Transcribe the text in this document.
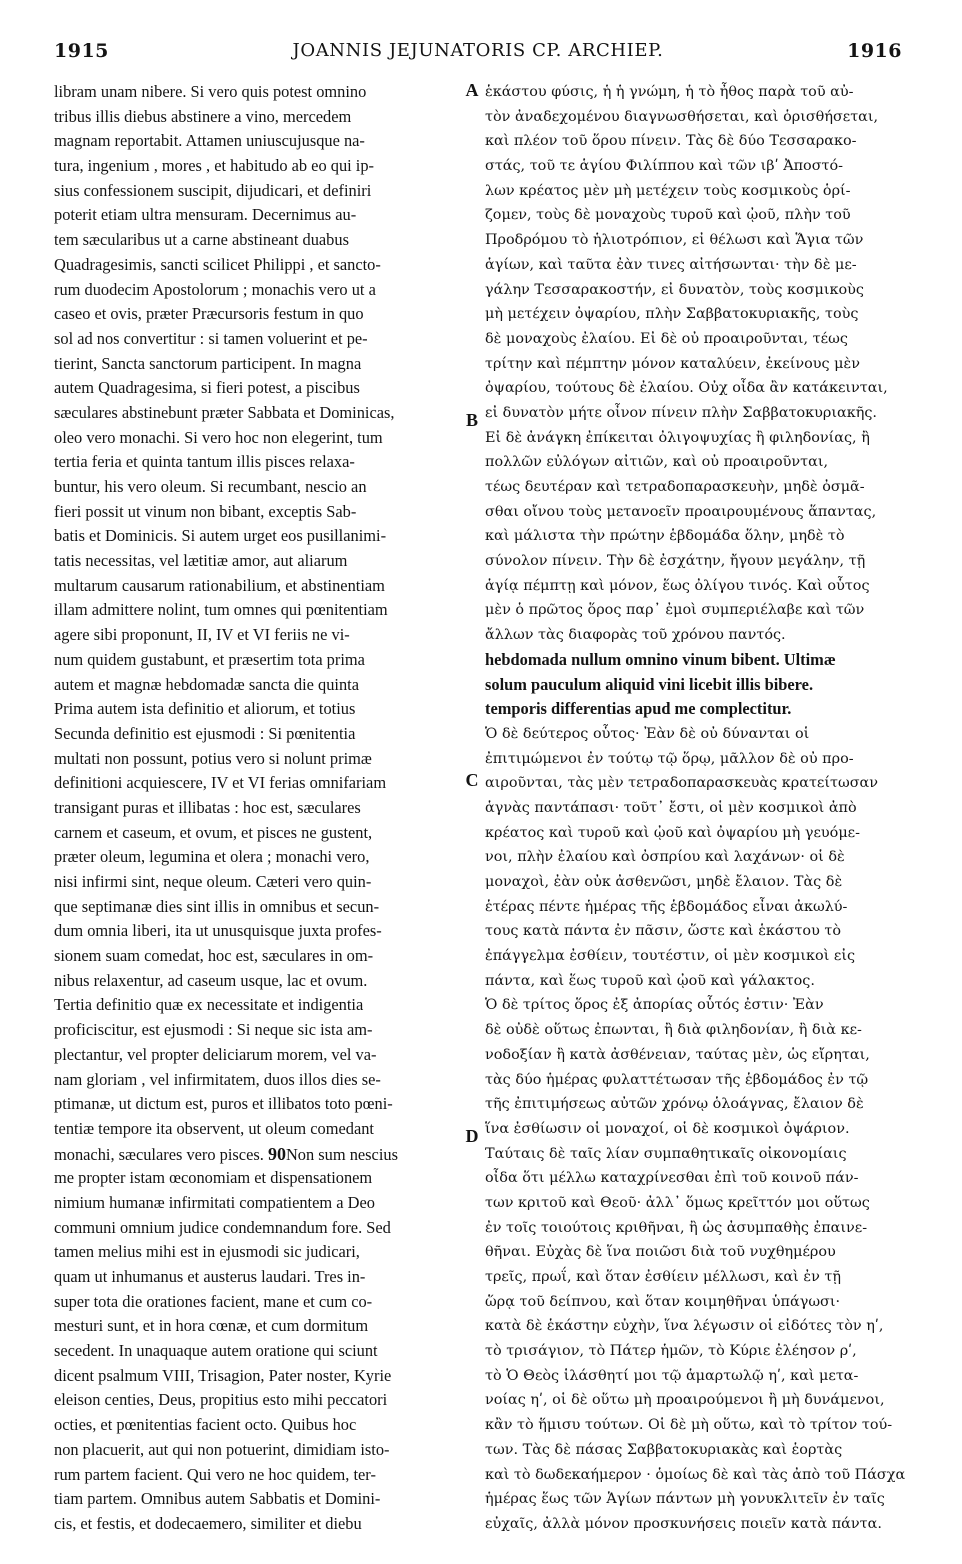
1915	JOANNIS JEJUNATORIS CP. ARCHIEP.	1916
libram unam nibere. Si vero quis potest omnino
tribus illis diebus abstinere a vino, mercedem
magnam reportabit. Attamen uniuscujusque na-
tura, ingenium , mores , et habitudo ab eo qui ip-
sius confessionem suscipit, dijudicari, et definiri
poterit etiam ultra mensuram. Decernimus au-
tem sæcularibus ut a carne abstineant duabus
Quadragesimis, sancti scilicet Philippi , et sancto-
rum duodecim Apostolorum ; monachis vero ut a
caseo et ovis, præter Præcursoris festum in quo
sol ad nos convertitur : si tamen voluerint et pe-
tierint, Sancta sanctorum participent. In magna
autem Quadragesima, si fieri potest, a piscibus
sæculares abstinebunt præter Sabbata et Dominicas,
oleo vero monachi. Si vero hoc non elegerint, tum
tertia feria et quinta tantum illis pisces relaxa-
buntur, his vero oleum. Si recumbant, nescio an
fieri possit ut vinum non bibant, exceptis Sab-
batis et Dominicis. Si autem urget eos pusillanimi-
tatis necessitas, vel lætitiæ amor, aut aliarum
multarum causarum rationabilium, et abstinentiam
illam admittere nolint, tum omnes qui pœnitentiam
agere sibi proponunt, II, IV et VI feriis ne vi-
num quidem gustabunt, et præsertim tota prima
autem et magnæ hebdomadæ sancta die quinta
Prima autem ista definitio et aliorum, et totius
Secunda definitio est ejusmodi : Si pœnitentia
multati non possunt, potius vero si nolunt primæ
definitioni acquiescere, IV et VI ferias omnifariam
transigant puras et illibatas : hoc est, sæculares
carnem et caseum, et ovum, et pisces ne gustent,
præter oleum, legumina et olera ; monachi vero,
nisi infirmi sint, neque oleum. Cæteri vero quin-
que septimanæ dies sint illis in omnibus et secun-
dum omnia liberi, ita ut unusquisque juxta profes-
sionem suam comedat, hoc est, sæculares in om-
nibus relaxentur, ad caseum usque, lac et ovum.
Tertia definitio quæ ex necessitate et indigentia
proficiscitur, est ejusmodi : Si neque sic ista am-
plectantur, vel propter deliciarum morem, vel va-
nam gloriam , vel infirmitatem, duos illos dies se-
ptimanæ, ut dictum est, puros et illibatos toto pœni-
tentiæ tempore ita observent, ut oleum comedant
monachi, sæculares vero pisces. 90Non sum nescius
me propter istam œconomiam et dispensationem
nimium humanæ infirmitati compatientem a Deo
communi omnium judice condemnandum fore. Sed
tamen melius mihi est in ejusmodi sic judicari,
quam ut inhumanus et austerus laudari. Tres in-
super tota die orationes facient, mane et cum co-
mesturi sunt, et in hora cœnæ, et cum dormitum
secedent. In unaquaque autem orationе qui sciunt
dicent psalmum VIII, Trisagion, Pater noster, Kyrie
eleison centies, Deus, propitius esto mihi peccatori
octies, et pœnitentias facient octo. Quibus hoc
non placuerit, aut qui non potuerint, dimidiam isto-
rum partem facient. Qui vero ne hoc quidem, ter-
tiam partem. Omnibus autem Sabbatis et Domini-
cis, et festis, et dodecaemero, similiter et diebu
A
B
C
D
ἑκάστου φύσις, ἡ ἡ γνώμη, ἡ τὸ ἦθος παρὰ τοῦ αὐ-
τὸν ἀναδεχομένου διαγνωσθήσεται, καὶ ὁρισθήσεται,
καὶ πλέον τοῦ ὅρου πίνειν. Τὰς δὲ δύο Τεσσαρακο-
στάς, τοῦ τε ἁγίου Φιλίππου καὶ τῶν ιβʹ Ἀποστό-
λων κρέατος μὲν μὴ μετέχειν τοὺς κοσμικοὺς ὁρί-
ζομεν, τοὺς δὲ μοναχοὺς τυροῦ καὶ ᾠοῦ, πλὴν τοῦ
Προδρόμου τὸ ἡλιοτρόπιον, εἰ θέλωσι καὶ Ἅγια τῶν
ἁγίων, καὶ ταῦτα ἐὰν τινες αἰτήσωνται· τὴν δὲ με-
γάλην Τεσσαρακοστήν, εἰ δυνατὸν, τοὺς κοσμικοὺς
μὴ μετέχειν ὀψαρίου, πλὴν Σαββατοκυριακῆς, τοὺς
δὲ μοναχοὺς ἐλαίου. Εἰ δὲ οὐ προαιροῦνται, τέως
τρίτην καὶ πέμπτην μόνον καταλύειν, ἐκείνους μὲν
ὀψαρίου, τούτους δὲ ἐλαίου. Οὐχ οἶδα ἂν κατάκεινται,
εἰ δυνατὸν μήτε οἶνον πίνειν πλὴν Σαββατοκυριακῆς.
Εἰ δὲ ἀνάγκη ἐπίκειται ὀλιγοψυχίας ἢ φιληδονίας, ἢ
πολλῶν εὐλόγων αἰτιῶν, καὶ οὐ προαιροῦνται,
τέως δευτέραν καὶ τετραδοπαρασκευὴν, μηδὲ ὀσμᾶ-
σθαι οἴνου τοὺς μετανοεῖν προαιρουμένους ἅπαντας,
καὶ μάλιστα τὴν πρώτην ἑβδομάδα ὅλην, μηδὲ τὸ
σύνολον πίνειν. Τὴν δὲ ἐσχάτην, ἤγουν μεγάλην, τῇ
ἁγίᾳ πέμπτῃ καὶ μόνον, ἕως ὀλίγου τινός. Καὶ οὗτος
μὲν ὁ πρῶτος ὅρος παρ᾽ ἐμοὶ συμπεριέλαβε καὶ τῶν
ἄλλων τὰς διαφορὰς τοῦ χρόνου παντός.
hebdomada nullum omnino vinum bibent. Ultimæ
solum pauculum aliquid vini licebit illis bibere.
temporis differentias apud me complectitur.
Ὁ δὲ δεύτερος οὗτος· Ἐὰν δὲ οὐ δύνανται οἱ
ἐπιτιμώμενοι ἐν τούτῳ τῷ ὅρῳ, μᾶλλον δὲ οὐ προ-
αιροῦνται, τὰς μὲν τετραδοπαρασκευὰς κρατείτωσαν
ἁγνὰς παντάπασι· τοῦτ᾽ ἔστι, οἱ μὲν κοσμικοὶ ἀπὸ
κρέατος καὶ τυροῦ καὶ ᾠοῦ καὶ ὀψαρίου μὴ γευόμε-
νοι, πλὴν ἐλαίου καὶ ὀσπρίου καὶ λαχάνων· οἱ δὲ
μοναχοὶ, ἐὰν οὐκ ἀσθενῶσι, μηδὲ ἔλαιον. Τὰς δὲ
ἑτέρας πέντε ἡμέρας τῆς ἑβδομάδος εἶναι ἀκωλύ-
τους κατὰ πάντα ἐν πᾶσιν, ὥστε καὶ ἑκάστου τὸ
ἐπάγγελμα ἐσθίειν, τουτέστιν, οἱ μὲν κοσμικοὶ εἰς
πάντα, καὶ ἕως τυροῦ καὶ ᾠοῦ καὶ γάλακτος.
Ὁ δὲ τρίτος ὅρος ἐξ ἀπορίας οὗτός ἐστιν· Ἐὰν
δὲ οὐδὲ οὕτως ἐπωνται, ἢ διὰ φιληδονίαν, ἢ διὰ κε-
νοδοξίαν ἢ κατὰ ἀσθένειαν, ταύτας μὲν, ὡς εἴρηται,
τὰς δύο ἡμέρας φυλαττέτωσαν τῆς ἑβδομάδος ἐν τῷ
τῆς ἐπιτιμήσεως αὐτῶν χρόνῳ ὁλοάγνας, ἔλαιον δὲ
ἵνα ἐσθίωσιν οἱ μοναχοί, οἱ δὲ κοσμικοὶ ὀψάριον.
Ταύταις δὲ ταῖς λίαν συμπαθητικαῖς οἰκονομίαις
οἶδα ὅτι μέλλω καταχρίνεσθαι ἐπὶ τοῦ κοινοῦ πάν-
των κριτοῦ καὶ Θεοῦ· ἀλλ᾽ ὅμως κρεῖττόν μοι οὕτως
ἐν τοῖς τοιούτοις κριθῆναι, ἢ ὡς ἀσυμπαθὴς ἐπαινε-
θῆναι. Εὐχὰς δὲ ἵνα ποιῶσι διὰ τοῦ νυχθημέρου
τρεῖς, πρωΐ, καὶ ὅταν ἐσθίειν μέλλωσι, καὶ ἐν τῇ
ὥρᾳ τοῦ δείπνου, καὶ ὅταν κοιμηθῆναι ὑπάγωσι·
κατὰ δὲ ἑκάστην εὐχὴν, ἵνα λέγωσιν οἱ εἰδότες τὸν ηʹ,
τὸ τρισάγιον, τὸ Πάτερ ἡμῶν, τὸ Κύριε ἐλέησον ρʹ,
τὸ Ὁ Θεὸς ἱλάσθητί μοι τῷ ἁμαρτωλῷ ηʹ, καὶ μετα-
νοίας ηʹ, οἱ δὲ οὕτω μὴ προαιρούμενοι ἢ μὴ δυνάμενοι,
κἂν τὸ ἥμισυ τούτων. Οἱ δὲ μὴ οὕτω, καὶ τὸ τρίτον τού-
των. Τὰς δὲ πάσας Σαββατοκυριακὰς καὶ ἑορτὰς
καὶ τὸ δωδεκαήμερον · ὁμοίως δὲ καὶ τὰς ἀπὸ τοῦ Πάσχα
ἡμέρας ἕως τῶν Ἁγίων πάντων μὴ γονυκλιτεῖν ἐν ταῖς
εὐχαῖς, ἀλλὰ μόνον προσκυνήσεις ποιεῖν κατὰ πάντα.
